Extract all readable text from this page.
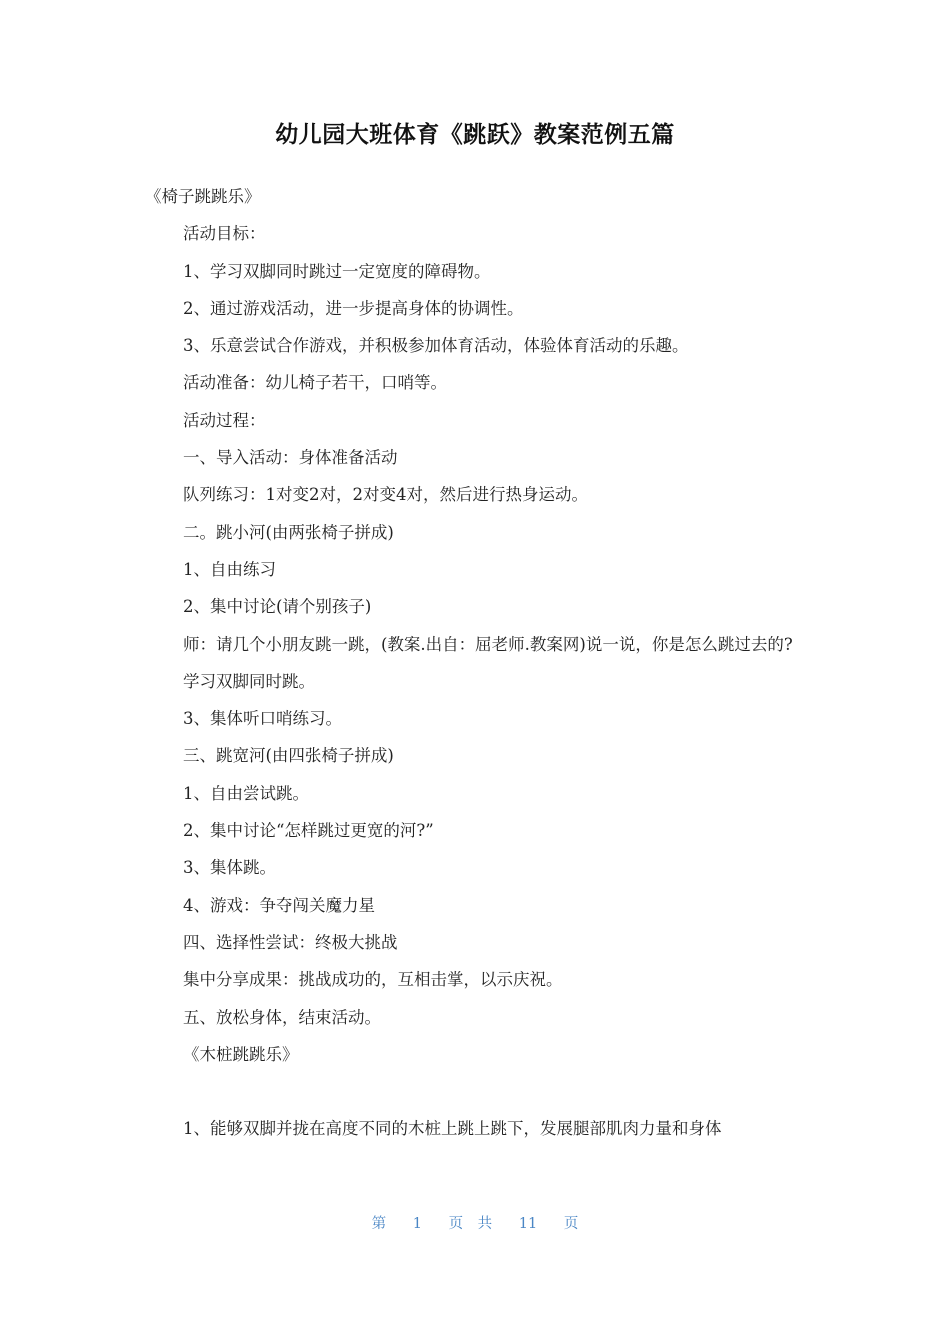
幼儿园大班体育《跳跃》教案范例五篇

《椅子跳跳乐》

活动目标：

1、学习双脚同时跳过一定宽度的障碍物。

2、通过游戏活动，进一步提高身体的协调性。

3、乐意尝试合作游戏，并积极参加体育活动，体验体育活动的乐趣。

活动准备：幼儿椅子若干，口哨等。

活动过程：

一、导入活动：身体准备活动

队列练习：1对变2对，2对变4对，然后进行热身运动。

二。跳小河(由两张椅子拼成)

1、自由练习

2、集中讨论(请个别孩子)

师：请几个小朋友跳一跳，(教案.出自：屈老师.教案网)说一说，你是怎么跳过去的?

学习双脚同时跳。

3、集体听口哨练习。

三、跳宽河(由四张椅子拼成)

1、自由尝试跳。

2、集中讨论“怎样跳过更宽的河?”

3、集体跳。

4、游戏：争夺闯关魔力星

四、选择性尝试：终极大挑战

集中分享成果：挑战成功的，互相击掌，以示庆祝。

五、放松身体，结束活动。

《木桩跳跳乐》

1、能够双脚并拢在高度不同的木桩上跳上跳下，发展腿部肌肉力量和身体

第 1 页 共 11 页
